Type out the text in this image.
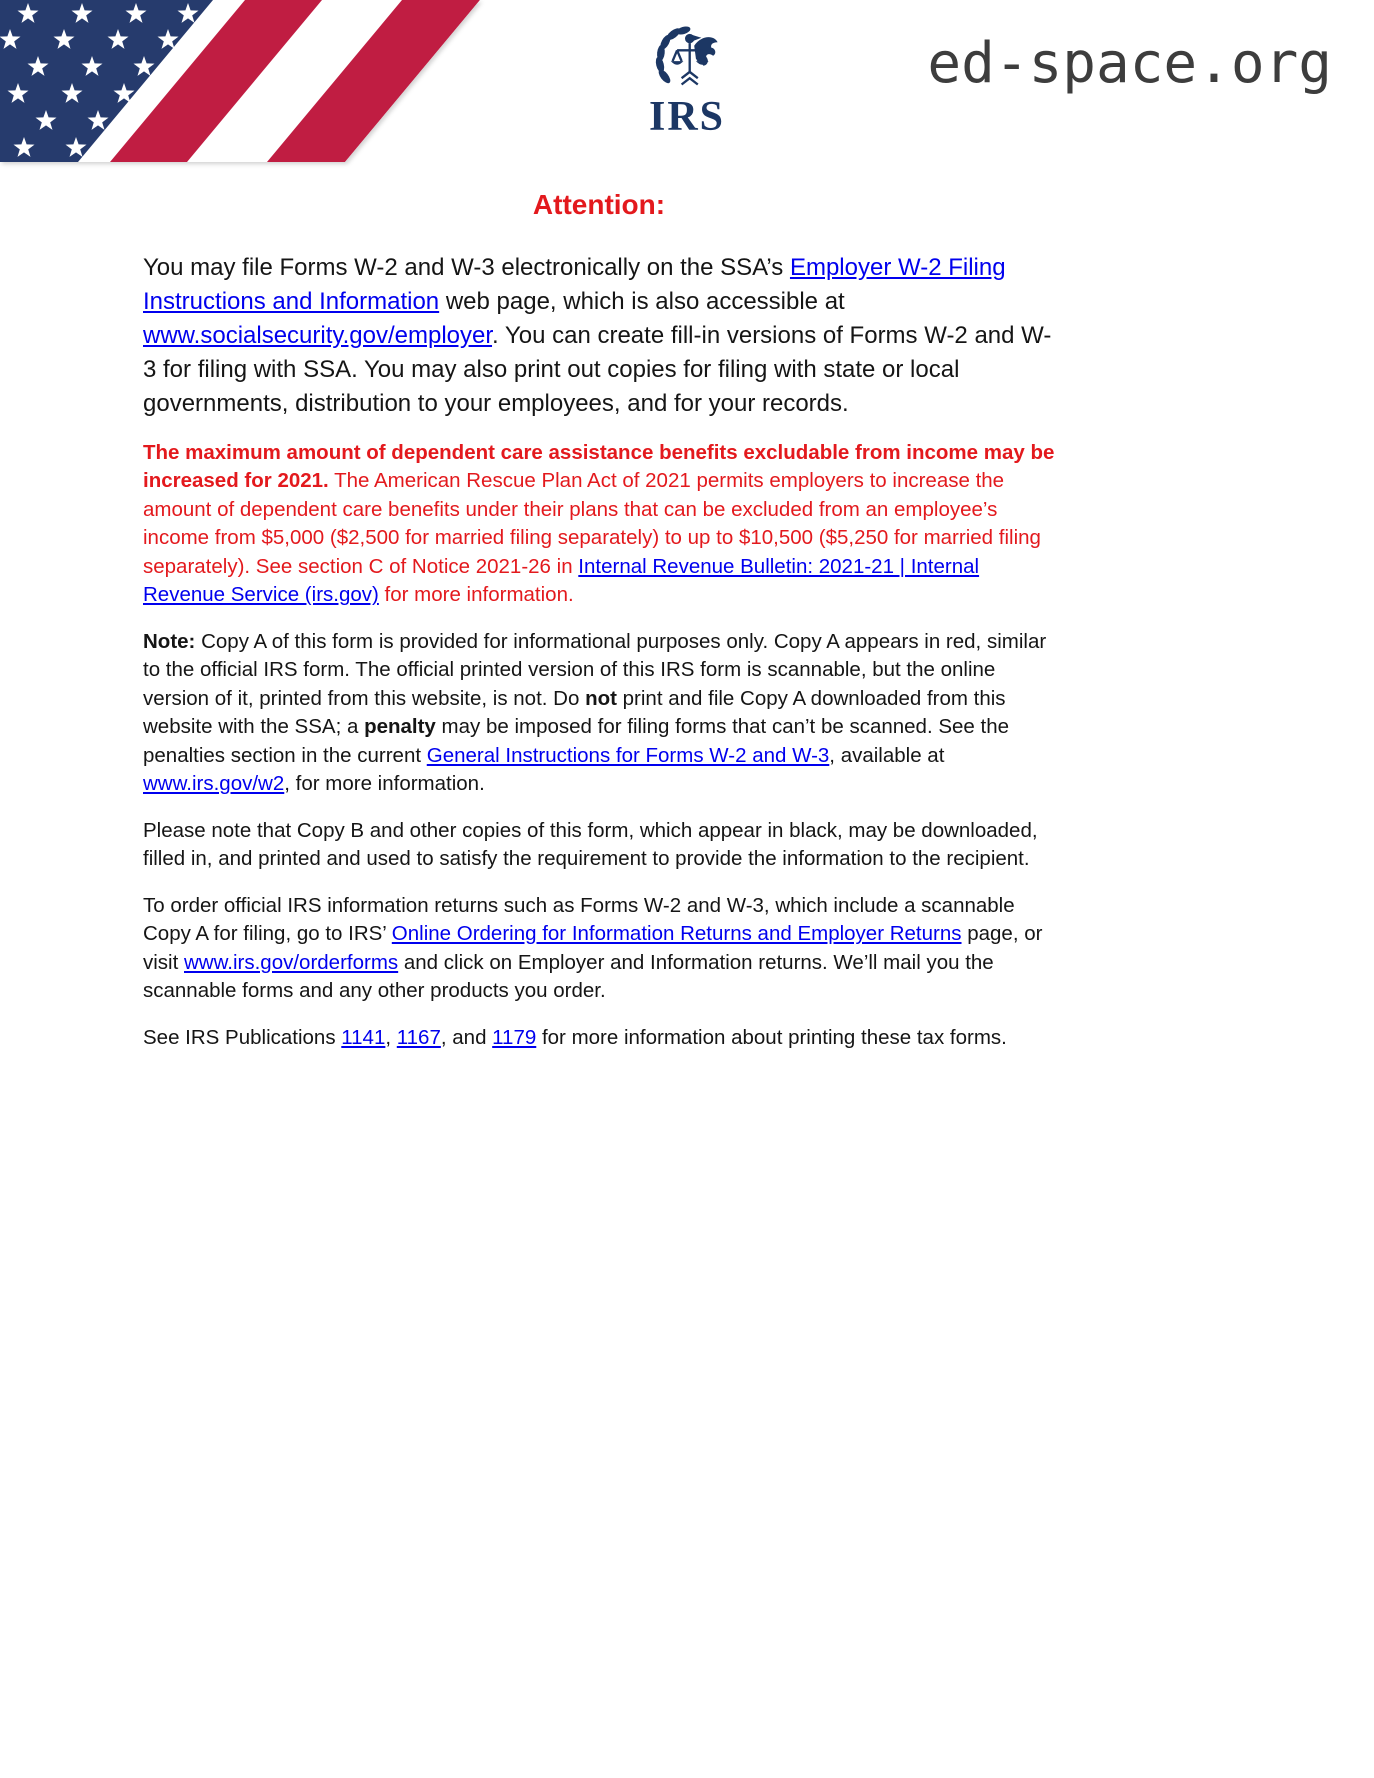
IRS
ed-space.org
Attention:

You may file Forms W-2 and W-3 electronically on the SSA’s Employer W-2 Filing Instructions and Information web page, which is also accessible at www.socialsecurity.gov/employer. You can create fill-in versions of Forms W-2 and W-3 for filing with SSA. You may also print out copies for filing with state or local governments, distribution to your employees, and for your records.

The maximum amount of dependent care assistance benefits excludable from income may be increased for 2021. The American Rescue Plan Act of 2021 permits employers to increase the amount of dependent care benefits under their plans that can be excluded from an employee’s income from $5,000 ($2,500 for married filing separately) to up to $10,500 ($5,250 for married filing separately). See section C of Notice 2021-26 in Internal Revenue Bulletin: 2021-21 | Internal Revenue Service (irs.gov) for more information.

Note: Copy A of this form is provided for informational purposes only. Copy A appears in red, similar to the official IRS form. The official printed version of this IRS form is scannable, but the online version of it, printed from this website, is not. Do not print and file Copy A downloaded from this website with the SSA; a penalty may be imposed for filing forms that can’t be scanned. See the penalties section in the current General Instructions for Forms W-2 and W-3, available at www.irs.gov/w2, for more information.

Please note that Copy B and other copies of this form, which appear in black, may be downloaded, filled in, and printed and used to satisfy the requirement to provide the information to the recipient.

To order official IRS information returns such as Forms W-2 and W-3, which include a scannable Copy A for filing, go to IRS’ Online Ordering for Information Returns and Employer Returns page, or visit www.irs.gov/orderforms and click on Employer and Information returns. We’ll mail you the scannable forms and any other products you order.

See IRS Publications 1141, 1167, and 1179 for more information about printing these tax forms.
